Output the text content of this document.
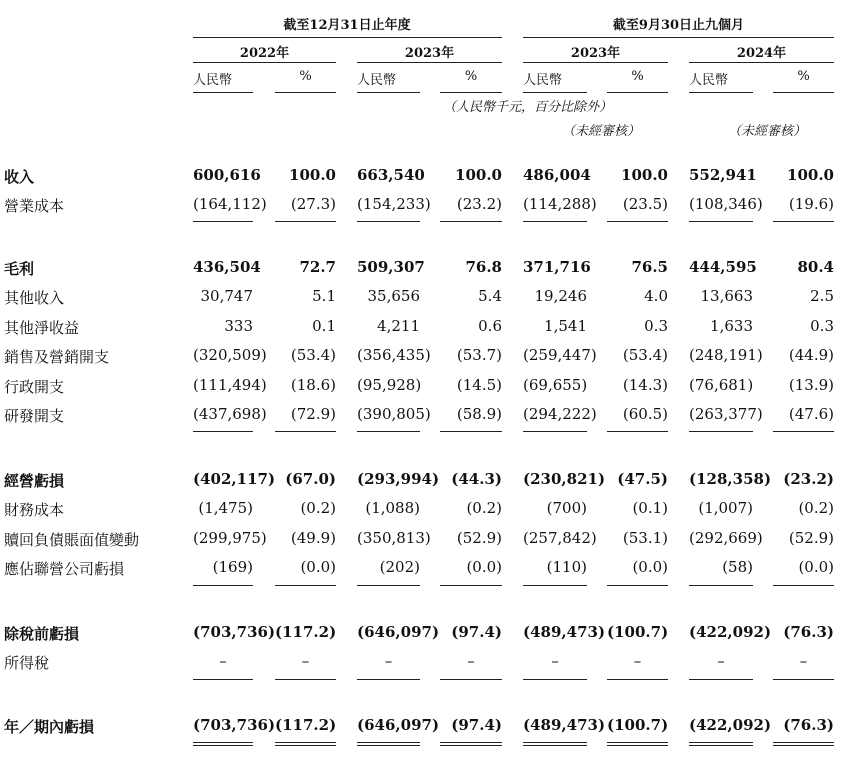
截至12月31日止年度	截至9月30日止九個月
2022年	2023年	2023年	2024年
人民幣	%	人民幣	%	人民幣	%	人民幣	%
（人民幣千元，百分比除外）
（未經審核）	（未經審核）
收入	600,616	100.0 663,540	100.0 486,004	100.0 552,941	100.0
營業成本	(164,112)	(27.3) (154,233)	(23.2) (114,288)	(23.5) (108,346)	(19.6)
毛利	436,504	72.7 509,307	76.8 371,716	76.5 444,595	80.4
其他收入	30,747	5.1	35,656	5.4	19,246	4.0	13,663	2.5
其他淨收益	333	0.1	4,211	0.6	1,541	0.3	1,633	0.3
銷售及營銷開支	(320,509)	(53.4) (356,435)	(53.7) (259,447)	(53.4) (248,191)	(44.9)
行政開支	(111,494)	(18.6) (95,928)	(14.5) (69,655)	(14.3) (76,681)	(13.9)
研發開支	(437,698)	(72.9) (390,805)	(58.9) (294,222)	(60.5) (263,377)	(47.6)
經營虧損	(402,117) (67.0) (293,994) (44.3) (230,821) (47.5) (128,358) (23.2)
財務成本	(1,475)	(0.2)	(1,088)	(0.2)	(700)	(0.1)	(1,007)	(0.2)
贖回負債賬面值變動	(299,975)	(49.9) (350,813)	(52.9) (257,842)	(53.1) (292,669)	(52.9)
應佔聯營公司虧損	(169)	(0.0)	(202)	(0.0)	(110)	(0.0)	(58)	(0.0)
除稅前虧損	(703,736) (117.2) (646,097) (97.4) (489,473) (100.7) (422,092) (76.3)
所得稅	–	–	–	–	–	–	–	–
年／期內虧損	(703,736) (117.2) (646,097) (97.4) (489,473) (100.7) (422,092) (76.3)
